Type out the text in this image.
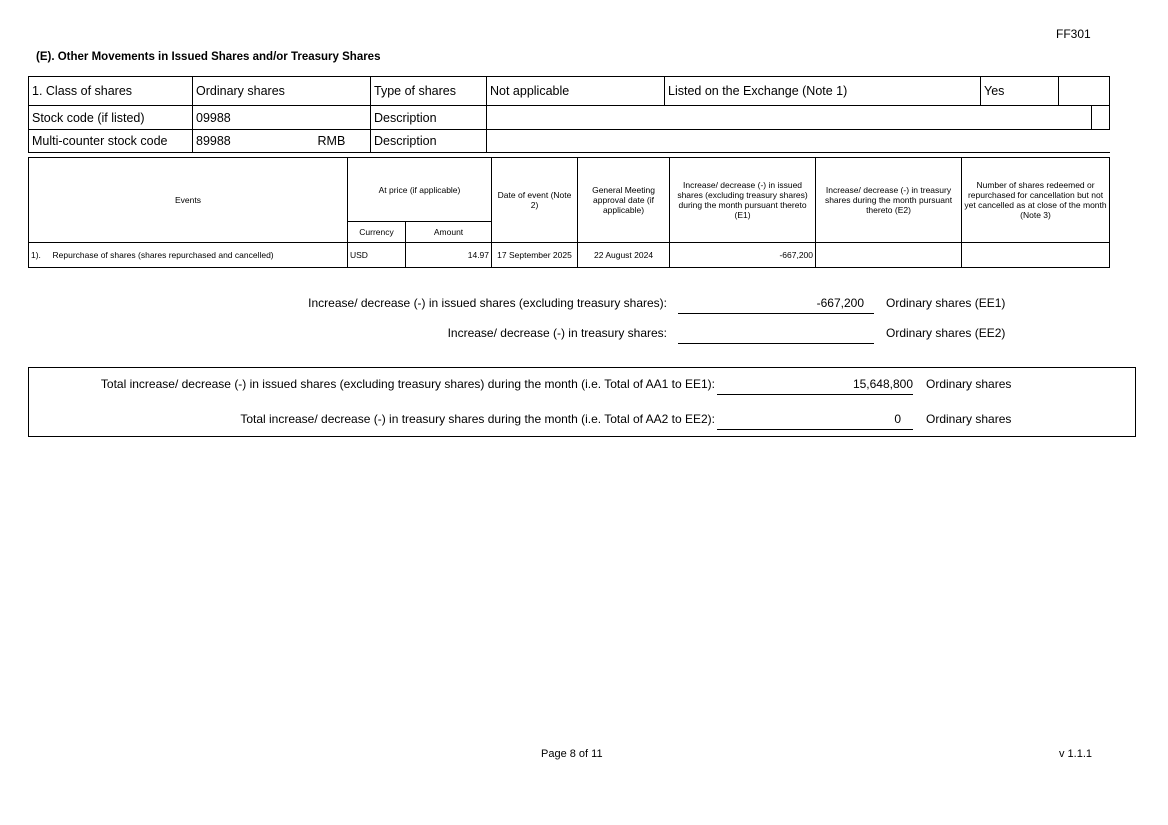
FF301
(E). Other Movements in Issued Shares and/or Treasury Shares
1. Class of shares	Ordinary shares		Type of shares	Not applicable	Listed on the Exchange (Note 1)	Yes		
Stock code (if listed)	09988		Description					
Multi-counter stock code	89988	RMB	Description					
Events		At price (if applicable)		Date of event (Note 2)	General Meeting approval date (if applicable)	Increase/ decrease (-) in issued shares (excluding treasury shares) during the month pursuant thereto (E1)	Increase/ decrease (-) in treasury shares during the month pursuant thereto (E2)	Number of shares redeemed or repurchased for cancellation but not yet cancelled as at close of the month (Note 3)
		Currency	Amount					
1).	Repurchase of shares (shares repurchased and cancelled)	USD	14.97	17 September 2025	22 August 2024	-667,200		
Increase/ decrease (-) in issued shares (excluding treasury shares):	-667,200	Ordinary shares (EE1)
Increase/ decrease (-) in treasury shares:	Ordinary shares (EE2)
Total increase/ decrease (-) in issued shares (excluding treasury shares) during the month (i.e. Total of AA1 to EE1):	15,648,800 Ordinary shares
Total increase/ decrease (-) in treasury shares during the month (i.e. Total of AA2 to EE2):	0	Ordinary shares
Page 8 of 11	v 1.1.1
